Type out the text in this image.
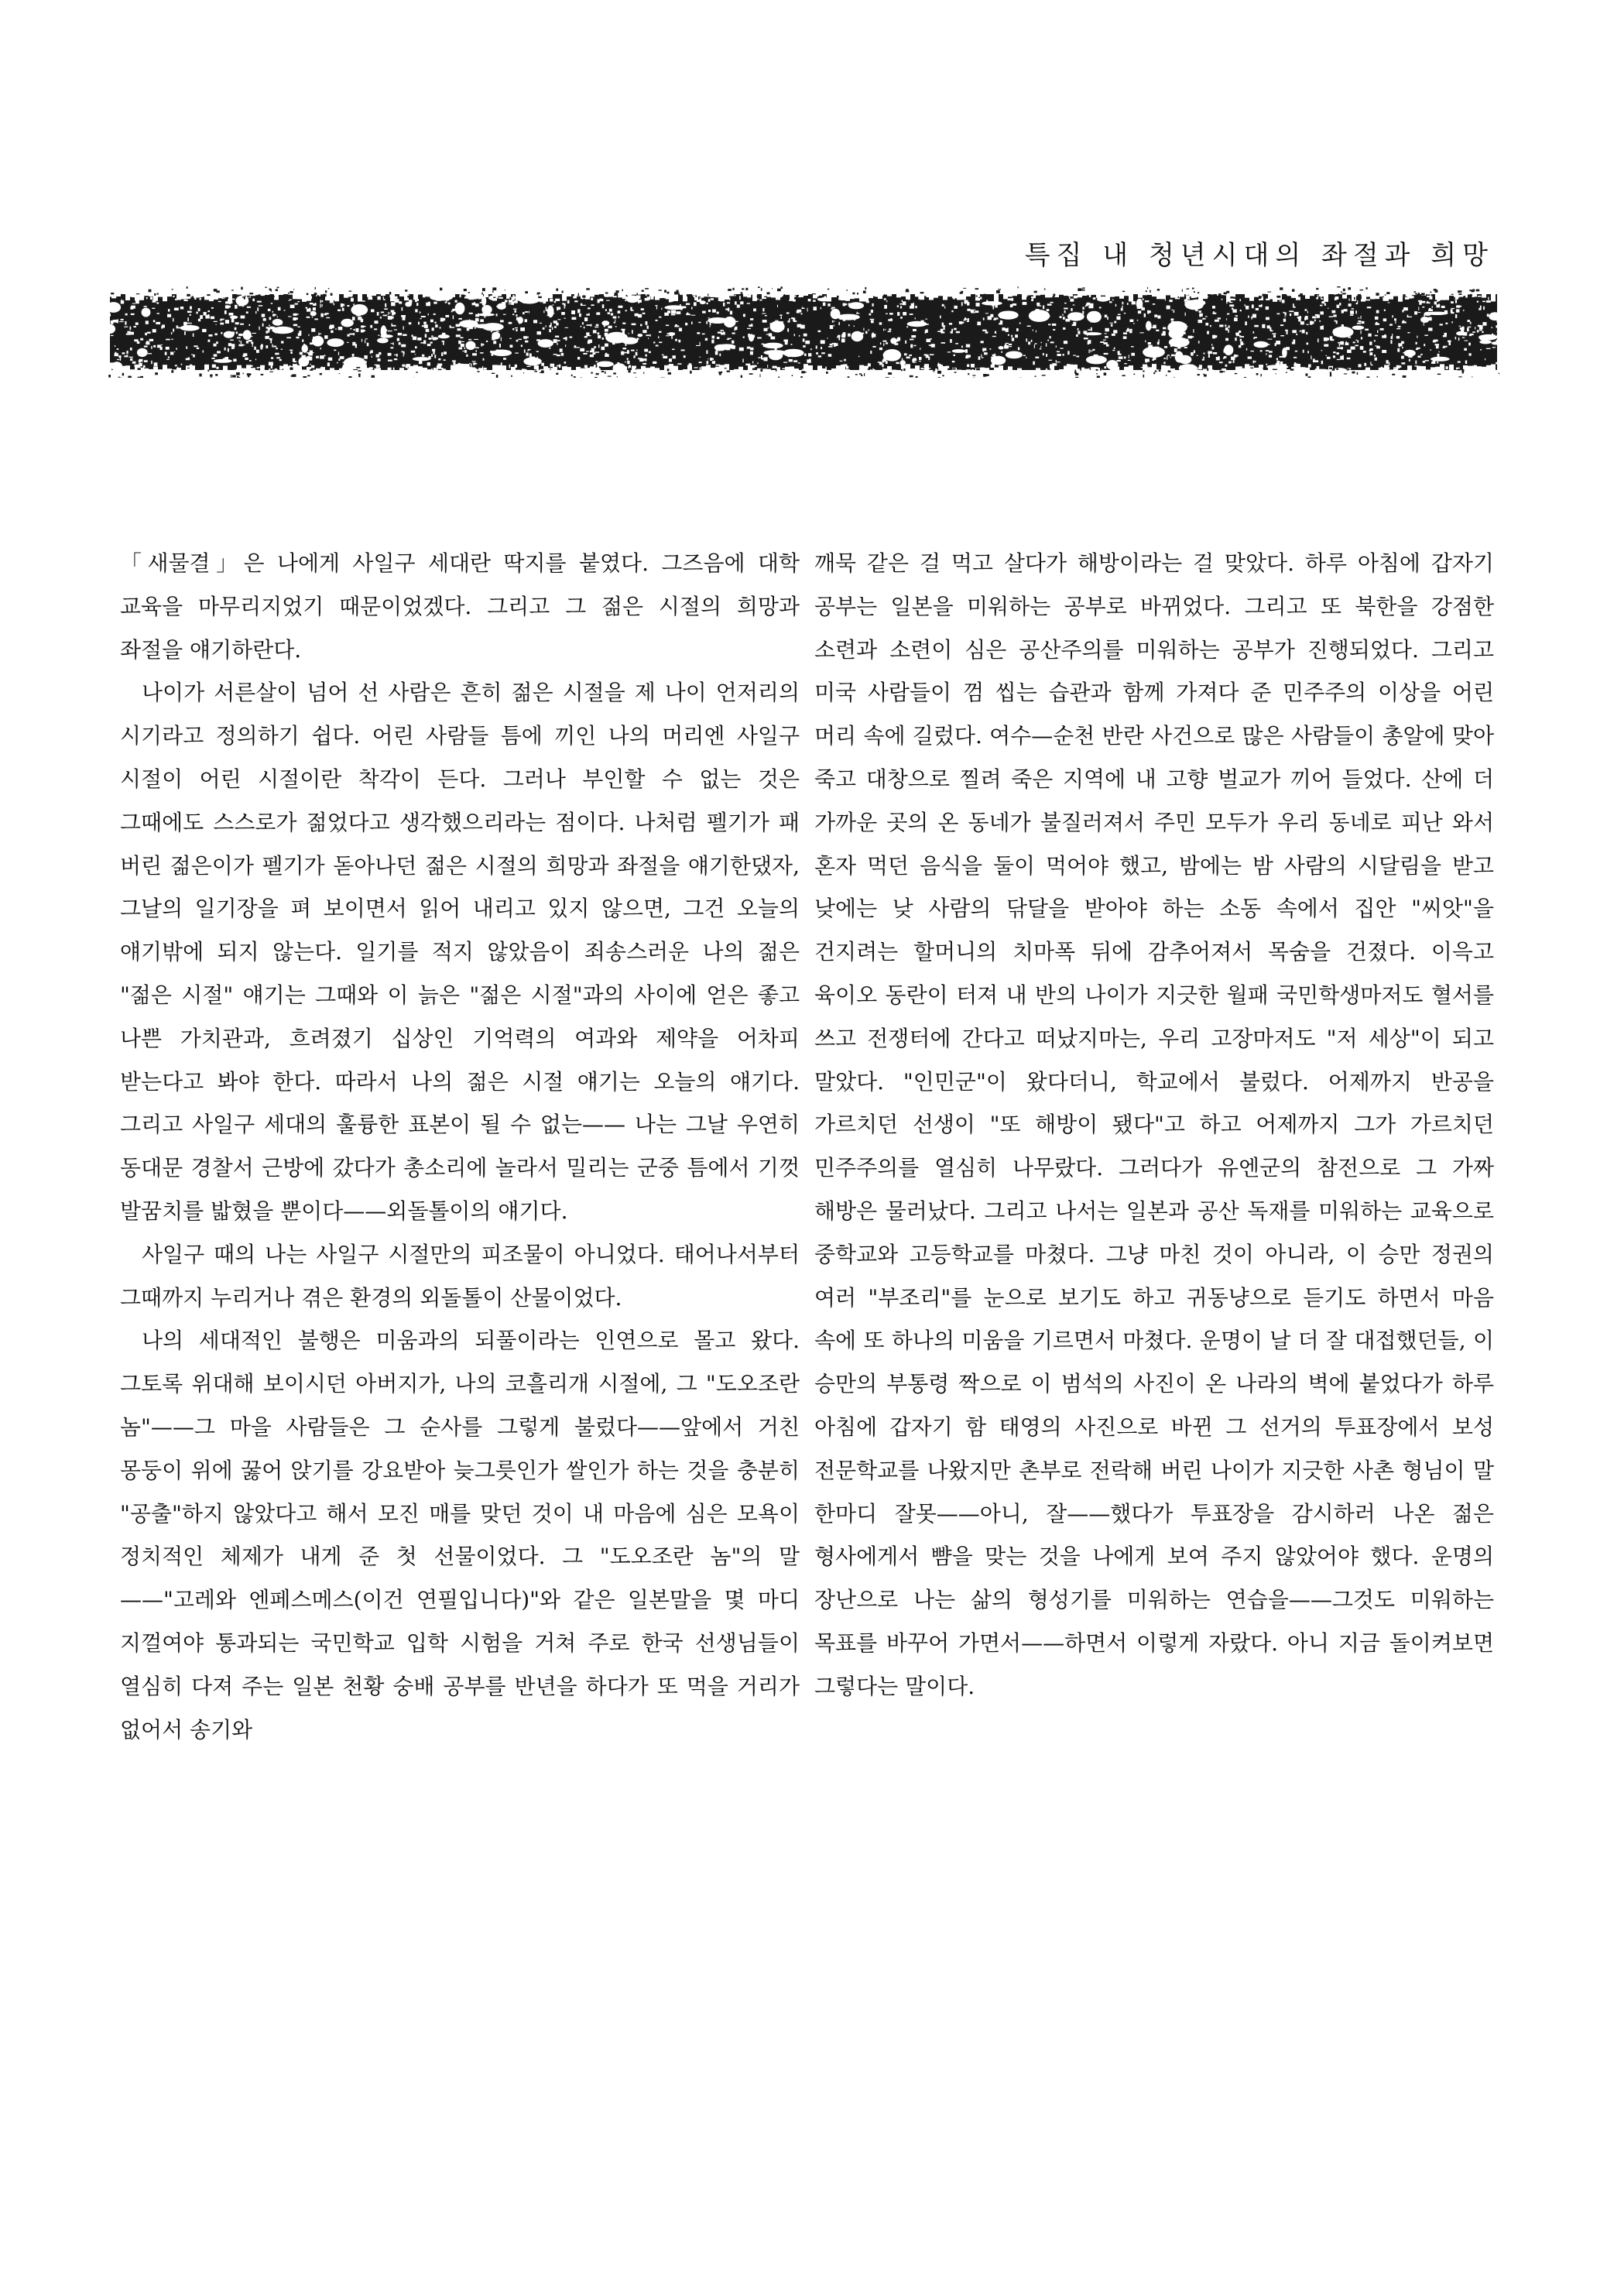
특집 내 청년시대의 좌절과 희망

「새물결」은 나에게 사일구 세대란 딱지를 붙였다. 그즈음에 대학 교육을 마무리지었기 때문이었겠다. 그리고 그 젊은 시절의 희망과 좌절을 얘기하란다.

나이가 서른살이 넘어 선 사람은 흔히 젊은 시절을 제 나이 언저리의 시기라고 정의하기 쉽다. 어린 사람들 틈에 끼인 나의 머리엔 사일구 시절이 어린 시절이란 착각이 든다. 그러나 부인할 수 없는 것은 그때에도 스스로가 젊었다고 생각했으리라는 점이다. 나처럼 펠기가 패 버린 젊은이가 펠기가 돋아나던 젊은 시절의 희망과 좌절을 얘기한댔자, 그날의 일기장을 펴 보이면서 읽어 내리고 있지 않으면, 그건 오늘의 얘기밖에 되지 않는다. 일기를 적지 않았음이 죄송스러운 나의 젊은 "젊은 시절" 얘기는 그때와 이 늙은 "젊은 시절"과의 사이에 얻은 좋고 나쁜 가치관과, 흐려졌기 십상인 기억력의 여과와 제약을 어차피 받는다고 봐야 한다. 따라서 나의 젊은 시절 얘기는 오늘의 얘기다. 그리고 사일구 세대의 훌륭한 표본이 될 수 없는—— 나는 그날 우연히 동대문 경찰서 근방에 갔다가 총소리에 놀라서 밀리는 군중 틈에서 기껏 발꿈치를 밟혔을 뿐이다——외돌톨이의 얘기다.

사일구 때의 나는 사일구 시절만의 피조물이 아니었다. 태어나서부터 그때까지 누리거나 겪은 환경의 외돌톨이 산물이었다.

나의 세대적인 불행은 미움과의 되풀이라는 인연으로 몰고 왔다. 그토록 위대해 보이시던 아버지가, 나의 코흘리개 시절에, 그 "도오조란 놈"——그 마을 사람들은 그 순사를 그렇게 불렀다——앞에서 거친 몽둥이 위에 꿇어 앉기를 강요받아 늦그릇인가 쌀인가 하는 것을 충분히 "공출"하지 않았다고 해서 모진 매를 맞던 것이 내 마음에 심은 모욕이 정치적인 체제가 내게 준 첫 선물이었다. 그 "도오조란 놈"의 말——"고레와 엔페스메스(이건 연필입니다)"와 같은 일본말을 몇 마디 지껄여야 통과되는 국민학교 입학 시험을 거쳐 주로 한국 선생님들이 열심히 다져 주는 일본 천황 숭배 공부를 반년을 하다가 또 먹을 거리가 없어서 송기와

깨묵 같은 걸 먹고 살다가 해방이라는 걸 맞았다. 하루 아침에 갑자기 공부는 일본을 미워하는 공부로 바뀌었다. 그리고 또 북한을 강점한 소련과 소련이 심은 공산주의를 미워하는 공부가 진행되었다. 그리고 미국 사람들이 껌 씹는 습관과 함께 가져다 준 민주주의 이상을 어린 머리 속에 길렀다. 여수—순천 반란 사건으로 많은 사람들이 총알에 맞아 죽고 대창으로 찔려 죽은 지역에 내 고향 벌교가 끼어 들었다. 산에 더 가까운 곳의 온 동네가 불질러져서 주민 모두가 우리 동네로 피난 와서 혼자 먹던 음식을 둘이 먹어야 했고, 밤에는 밤 사람의 시달림을 받고 낮에는 낮 사람의 닦달을 받아야 하는 소동 속에서 집안 "씨앗"을 건지려는 할머니의 치마폭 뒤에 감추어져서 목숨을 건졌다. 이윽고 육이오 동란이 터져 내 반의 나이가 지긋한 월패 국민학생마저도 혈서를 쓰고 전쟁터에 간다고 떠났지마는, 우리 고장마저도 "저 세상"이 되고 말았다. "인민군"이 왔다더니, 학교에서 불렀다. 어제까지 반공을 가르치던 선생이 "또 해방이 됐다"고 하고 어제까지 그가 가르치던 민주주의를 열심히 나무랐다. 그러다가 유엔군의 참전으로 그 가짜 해방은 물러났다. 그리고 나서는 일본과 공산 독재를 미워하는 교육으로 중학교와 고등학교를 마쳤다. 그냥 마친 것이 아니라, 이 승만 정권의 여러 "부조리"를 눈으로 보기도 하고 귀동냥으로 듣기도 하면서 마음 속에 또 하나의 미움을 기르면서 마쳤다. 운명이 날 더 잘 대접했던들, 이 승만의 부통령 짝으로 이 범석의 사진이 온 나라의 벽에 붙었다가 하루 아침에 갑자기 함 태영의 사진으로 바뀐 그 선거의 투표장에서 보성 전문학교를 나왔지만 촌부로 전락해 버린 나이가 지긋한 사촌 형님이 말 한마디 잘못——아니, 잘——했다가 투표장을 감시하러 나온 젊은 형사에게서 뺨을 맞는 것을 나에게 보여 주지 않았어야 했다. 운명의 장난으로 나는 삶의 형성기를 미워하는 연습을——그것도 미워하는 목표를 바꾸어 가면서——하면서 이렇게 자랐다. 아니 지금 돌이켜보면 그렇다는 말이다.
